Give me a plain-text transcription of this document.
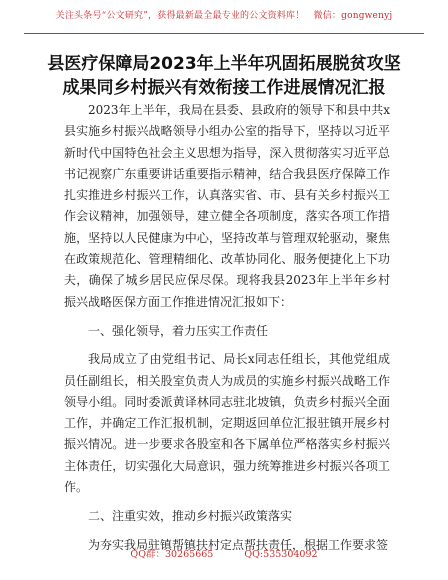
关注头条号“公文研究”，获得最新最全最专业的公文资料库！ 微信：gongwenyj
县医疗保障局2023年上半年巩固拓展脱贫攻坚
成果同乡村振兴有效衔接工作进展情况汇报

2023年上半年，我局在县委、县政府的领导下和县中共x县实施乡村振兴战略领导小组办公室的指导下，坚持以习近平新时代中国特色社会主义思想为指导，深入贯彻落实习近平总书记视察广东重要讲话重要指示精神，结合我县医疗保障工作扎实推进乡村振兴工作，认真落实省、市、县有关乡村振兴工作会议精神，加强领导，建立健全各项制度，落实各项工作措施，坚持以人民健康为中心，坚持改革与管理双轮驱动，聚焦在政策规范化、管理精细化、改革协同化、服务便捷化上下功夫，确保了城乡居民应保尽保。现将我县2023年上半年乡村振兴战略医保方面工作推进情况汇报如下：

一、强化领导，着力压实工作责任

我局成立了由党组书记、局长x同志任组长，其他党组成员任副组长，相关股室负责人为成员的实施乡村振兴战略工作领导小组。同时委派黄译林同志驻北坡镇，负责乡村振兴全面工作，并确定工作汇报机制，定期返回单位汇报驻镇开展乡村振兴情况。进一步要求各股室和各下属单位严格落实乡村振兴主体责任，切实强化大局意识，强力统筹推进乡村振兴各项工作。

二、注重实效，推动乡村振兴政策落实

为夯实我局驻镇帮镇扶村定点帮扶责任，根据工作要求签

QQ群：30265665	QQ:535304092
